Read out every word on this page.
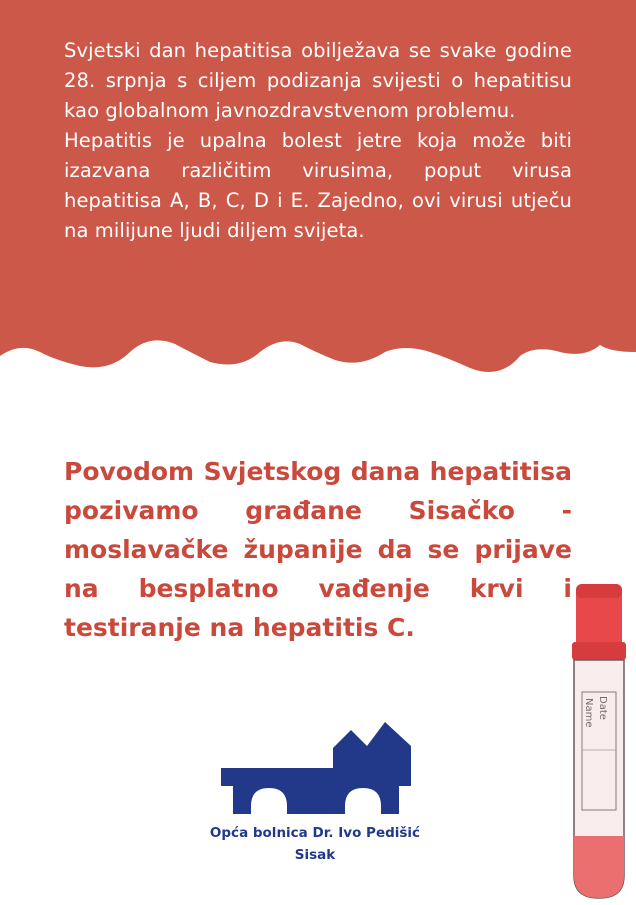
Svjetski dan hepatitisa obilježava se svake godine 28. srpnja s ciljem podizanja svijesti o hepatitisu kao globalnom javnozdravstvenom problemu.

Hepatitis je upalna bolest jetre koja može biti izazvana različitim virusima, poput virusa hepatitisa A, B, C, D i E. Zajedno, ovi virusi utječu na milijune ljudi diljem svijeta.

Povodom Svjetskog dana hepatitisa pozivamo građane Sisačko - moslavačke županije da se prijave na besplatno vađenje krvi i testiranje na hepatitis C.
Opća bolnica Dr. Ivo Pedišić
Sisak
Name Date
